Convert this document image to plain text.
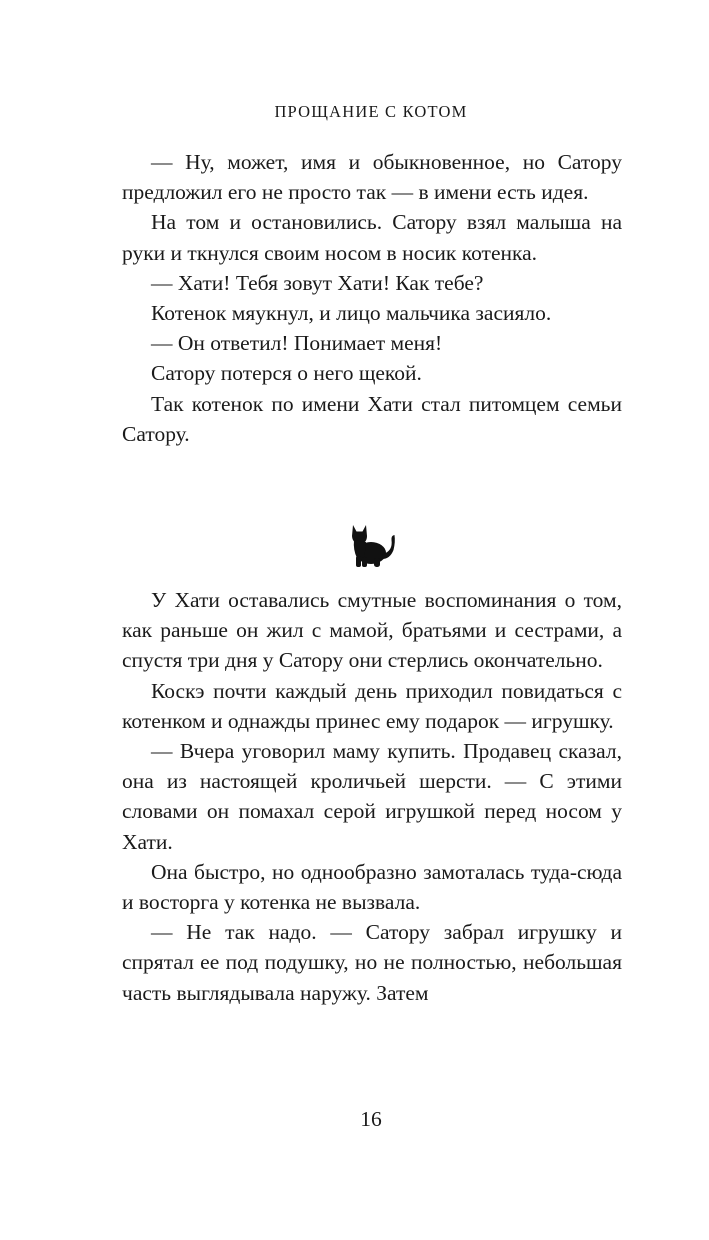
ПРОЩАНИЕ С КОТОМ

— Ну, может, имя и обыкновенное, но Сатору предложил его не просто так — в имени есть идея.

На том и остановились. Сатору взял малыша на руки и ткнулся своим носом в носик котенка.

— Хати! Тебя зовут Хати! Как тебе?

Котенок мяукнул, и лицо мальчика засияло.

— Он ответил! Понимает меня!

Сатору потерся о него щекой.

Так котенок по имени Хати стал питомцем семьи Сатору.

У Хати оставались смутные воспоминания о том, как раньше он жил с мамой, братьями и сестрами, а спустя три дня у Сатору они стерлись окончательно.

Коскэ почти каждый день приходил повидаться с котенком и однажды принес ему подарок — игрушку.

— Вчера уговорил маму купить. Продавец сказал, она из настоящей кроличьей шерсти. — С этими словами он помахал серой игрушкой перед носом у Хати.

Она быстро, но однообразно замоталась туда-сюда и восторга у котенка не вызвала.

— Не так надо. — Сатору забрал игрушку и спрятал ее под подушку, но не полностью, небольшая часть выглядывала наружу. Затем

16
